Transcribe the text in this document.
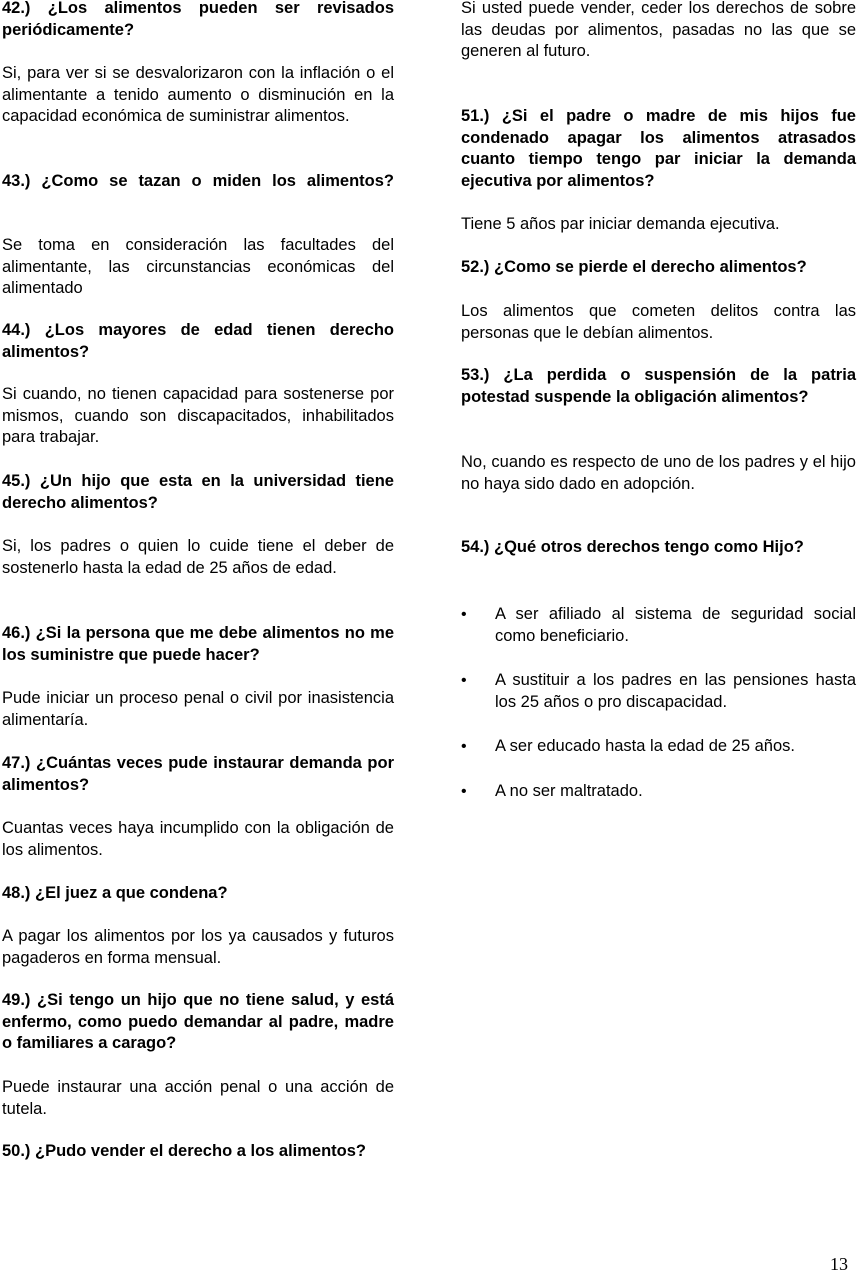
42.) ¿Los alimentos pueden ser revisados periódicamente?

Si, para ver si se desvalorizaron con la inflación o el alimentante a tenido aumento o disminución en la capacidad económica de suministrar alimentos.

43.) ¿Como se tazan o miden los alimentos?

Se toma en consideración las facultades del alimentante, las circunstancias económicas del alimentado

44.) ¿Los mayores de edad tienen derecho alimentos?

Si cuando, no tienen capacidad para sostenerse por mismos, cuando son discapacitados, inhabilitados para trabajar.

45.) ¿Un hijo que esta en la universidad tiene derecho alimentos?

Si, los padres o quien lo cuide tiene el deber de sostenerlo hasta la edad de 25 años de edad.

46.) ¿Si la persona que me debe alimentos no me los suministre que puede hacer?

Pude iniciar un proceso penal o civil por inasistencia alimentaría.

47.) ¿Cuántas veces pude instaurar demanda por alimentos?

Cuantas veces haya incumplido con la obligación de los alimentos.

48.) ¿El juez a que condena?

A pagar los alimentos por los ya causados y futuros pagaderos en forma mensual.

49.) ¿Si tengo un hijo que no tiene salud, y está enfermo, como puedo demandar al padre, madre o familiares a carago?

Puede instaurar una acción penal o una acción de tutela.

50.) ¿Pudo vender el derecho a los alimentos?

Si usted puede vender, ceder los derechos de sobre las deudas por alimentos, pasadas no las que se generen al futuro.

51.) ¿Si el padre o madre de mis hijos fue condenado apagar los alimentos atrasados cuanto tiempo tengo par iniciar la demanda ejecutiva por alimentos?

Tiene 5 años par iniciar demanda ejecutiva.

52.) ¿Como se pierde el derecho alimentos?

Los alimentos que cometen delitos contra las personas que le debían alimentos.

53.) ¿La perdida o suspensión de la patria potestad suspende la obligación alimentos?

No, cuando es respecto de uno de los padres y el hijo no haya sido dado en adopción.

54.) ¿Qué otros derechos tengo como Hijo?

•	A ser afiliado al sistema de seguridad social como beneficiario.
•	A sustituir a los padres en las pensiones hasta los 25 años o pro discapacidad.
•	A ser educado hasta la edad de 25 años.
•	A no ser maltratado.
13
